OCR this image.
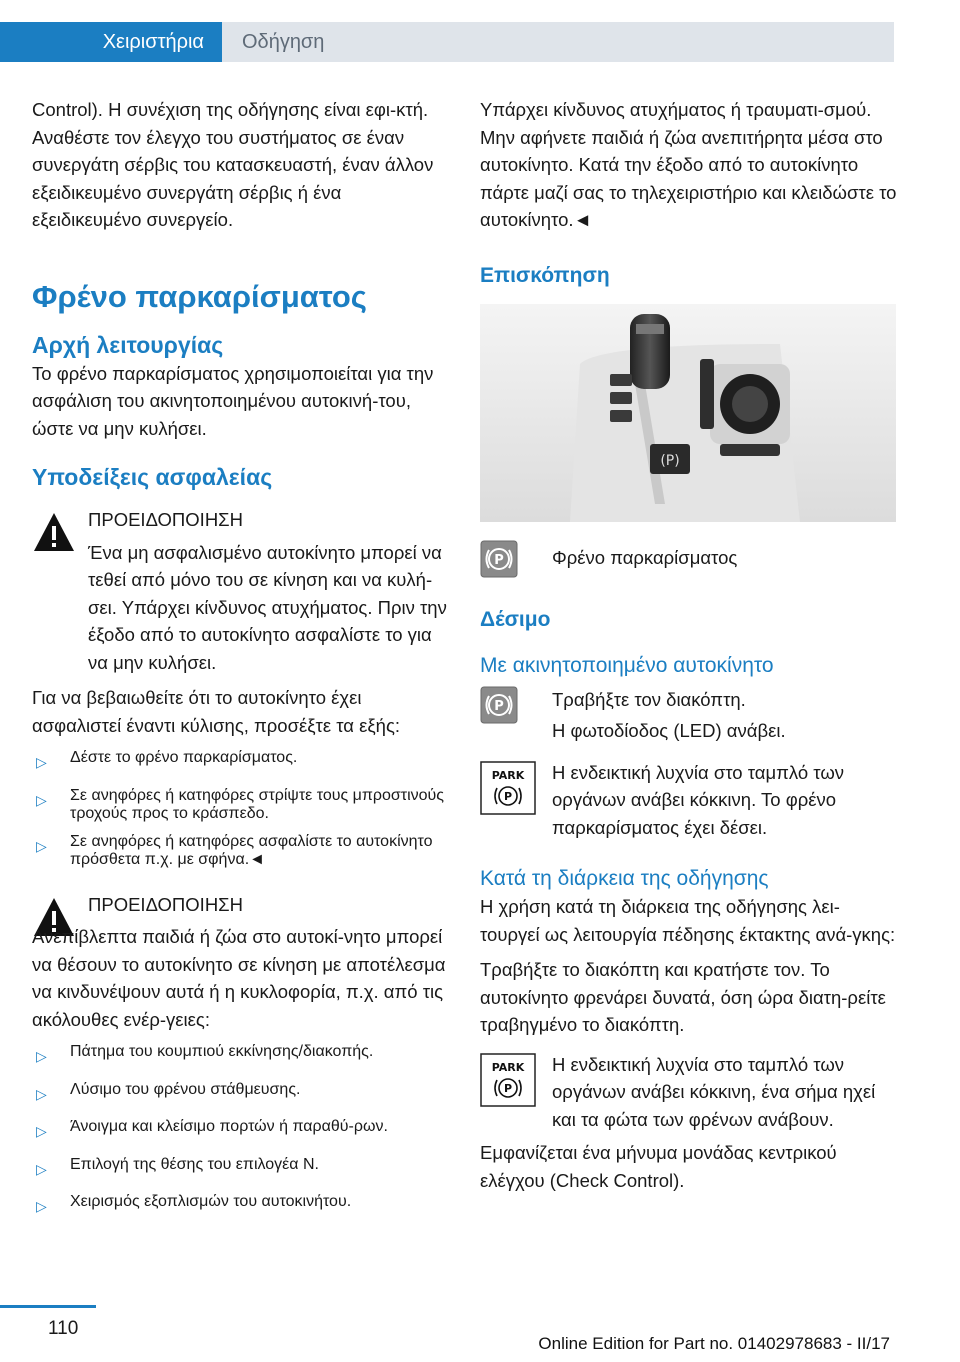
Χειριστήρια	Οδήγηση

Control). Η συνέχιση της οδήγησης είναι εφι-κτή. Αναθέστε τον έλεγχο του συστήματος σε έναν συνεργάτη σέρβις του κατασκευαστή, έναν άλλον εξειδικευμένο συνεργάτη σέρβις ή ένα εξειδικευμένο συνεργείο.

Φρένο παρκαρίσματος
Αρχή λειτουργίας

Το φρένο παρκαρίσματος χρησιμοποιείται για την ασφάλιση του ακινητοποιημένου αυτοκινή-του, ώστε να μην κυλήσει.

Υποδείξεις ασφαλείας

ΠΡΟΕΙΔΟΠΟΙΗΣΗ

Ένα μη ασφαλισμένο αυτοκίνητο μπορεί να τεθεί από μόνο του σε κίνηση και να κυλή-σει. Υπάρχει κίνδυνος ατυχήματος. Πριν την έξοδο από το αυτοκίνητο ασφαλίστε το για να μην κυλήσει.

Για να βεβαιωθείτε ότι το αυτοκίνητο έχει ασφαλιστεί έναντι κύλισης, προσέξτε τα εξής:

▷	Δέστε το φρένο παρκαρίσματος.
▷	Σε ανηφόρες ή κατηφόρες στρίψτε τους μπροστινούς τροχούς προς το κράσπεδο.
▷	Σε ανηφόρες ή κατηφόρες ασφαλίστε το αυτοκίνητο πρόσθετα π.χ. με σφήνα.◄

ΠΡΟΕΙΔΟΠΟΙΗΣΗ

Ανεπίβλεπτα παιδιά ή ζώα στο αυτοκί-νητο μπορεί να θέσουν το αυτοκίνητο σε κίνηση με αποτέλεσμα να κινδυνέψουν αυτά ή η κυκλοφορία, π.χ. από τις ακόλουθες ενέρ-γειες:

▷	Πάτημα του κουμπιού εκκίνησης/διακοπής.
▷	Λύσιμο του φρένου στάθμευσης.
▷	Άνοιγμα και κλείσιμο πορτών ή παραθύ-ρων.
▷	Επιλογή της θέσης του επιλογέα N.
▷	Χειρισμός εξοπλισμών του αυτοκινήτου.

Υπάρχει κίνδυνος ατυχήματος ή τραυματι-σμού. Μην αφήνετε παιδιά ή ζώα ανεπιτήρητα μέσα στο αυτοκίνητο. Κατά την έξοδο από το αυτοκίνητο πάρτε μαζί σας το τηλεχειριστήριο και κλειδώστε το αυτοκίνητο.◄

Επισκόπηση
(P)
P	Φρένο παρκαρίσματος

Δέσιμο
Με ακινητοποιημένο αυτοκίνητο
P	Τραβήξτε τον διακόπτη.

Η φωτοδίοδος (LED) ανάβει.

PARK
P

Η ενδεικτική λυχνία στο ταμπλό των οργάνων ανάβει κόκκινη. Το φρένο παρκαρίσματος έχει δέσει.

Κατά τη διάρκεια της οδήγησης

Η χρήση κατά τη διάρκεια της οδήγησης λει-τουργεί ως λειτουργία πέδησης έκτακτης ανά-γκης:

Τραβήξτε το διακόπτη και κρατήστε τον. Το αυτοκίνητο φρενάρει δυνατά, όση ώρα διατη-ρείτε τραβηγμένο το διακόπτη.

PARK
P

Η ενδεικτική λυχνία στο ταμπλό των οργάνων ανάβει κόκκινη, ένα σήμα ηχεί και τα φώτα των φρένων ανάβουν.

Εμφανίζεται ένα μήνυμα μονάδας κεντρικού ελέγχου (Check Control).

110
Online Edition for Part no. 01402978683 - II/17
